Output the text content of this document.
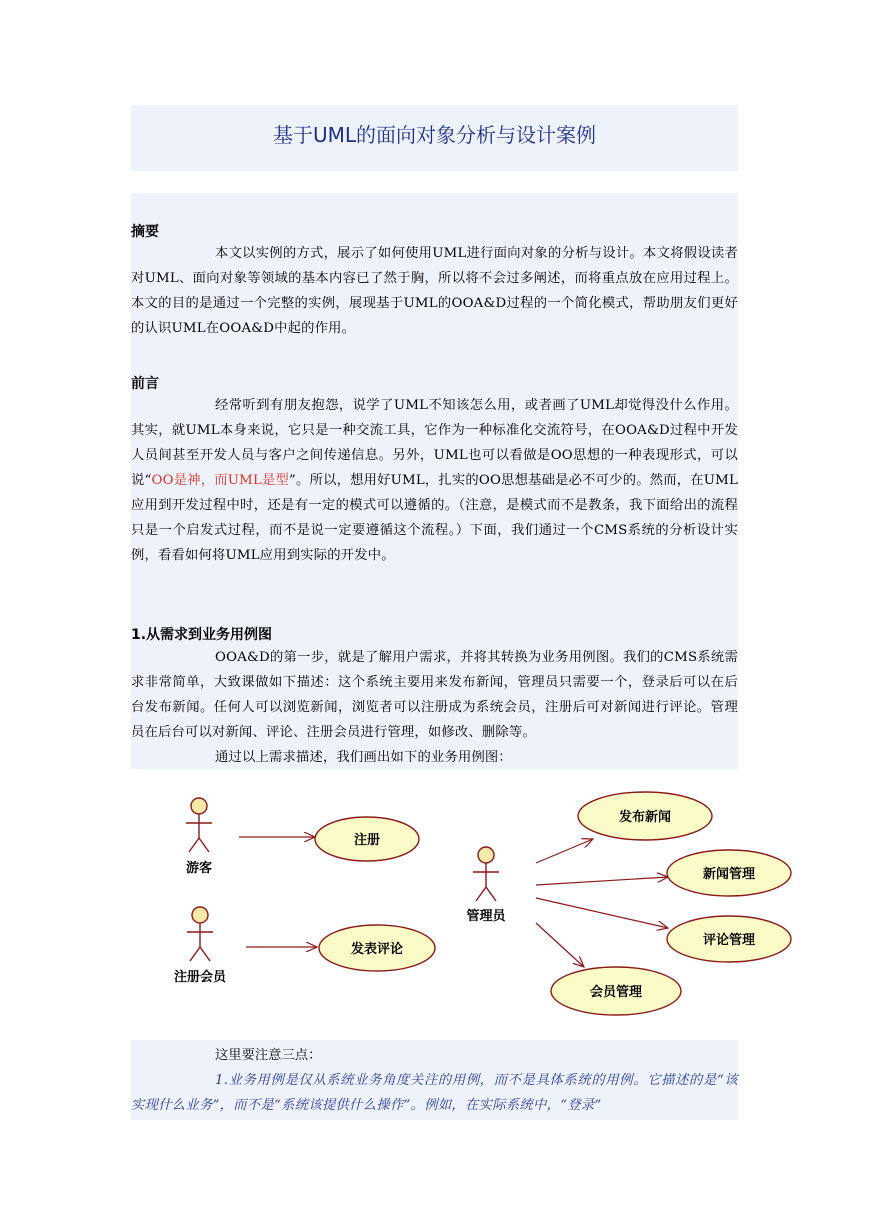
基于UML的面向对象分析与设计案例
摘要

本文以实例的方式，展示了如何使用UML进行面向对象的分析与设计。本文将假设读者对UML、面向对象等领域的基本内容已了然于胸，所以将不会过多阐述，而将重点放在应用过程上。本文的目的是通过一个完整的实例，展现基于UML的OOA&D过程的一个简化模式，帮助朋友们更好的认识UML在OOA&D中起的作用。

前言

经常听到有朋友抱怨，说学了UML不知该怎么用，或者画了UML却觉得没什么作用。其实，就UML本身来说，它只是一种交流工具，它作为一种标准化交流符号，在OOA&D过程中开发人员间甚至开发人员与客户之间传递信息。另外，UML也可以看做是OO思想的一种表现形式，可以说“OO是神，而UML是型”。所以，想用好UML，扎实的OO思想基础是必不可少的。然而，在UML应用到开发过程中时，还是有一定的模式可以遵循的。（注意，是模式而不是教条，我下面给出的流程只是一个启发式过程，而不是说一定要遵循这个流程。）下面，我们通过一个CMS系统的分析设计实例，看看如何将UML应用到实际的开发中。

1.从需求到业务用例图

OOA&D的第一步，就是了解用户需求，并将其转换为业务用例图。我们的CMS系统需求非常简单，大致课做如下描述：这个系统主要用来发布新闻，管理员只需要一个，登录后可以在后台发布新闻。任何人可以浏览新闻，浏览者可以注册成为系统会员，注册后可对新闻进行评论。管理员在后台可以对新闻、评论、注册会员进行管理，如修改、删除等。

通过以上需求描述，我们画出如下的业务用例图：

游客
注册会员
管理员
注册
发表评论
发布新闻
新闻管理
评论管理
会员管理

这里要注意三点：

1.业务用例是仅从系统业务角度关注的用例，而不是具体系统的用例。它描述的是“该实现什么业务”，而不是“系统该提供什么操作”。例如，在实际系统中，“登录”
